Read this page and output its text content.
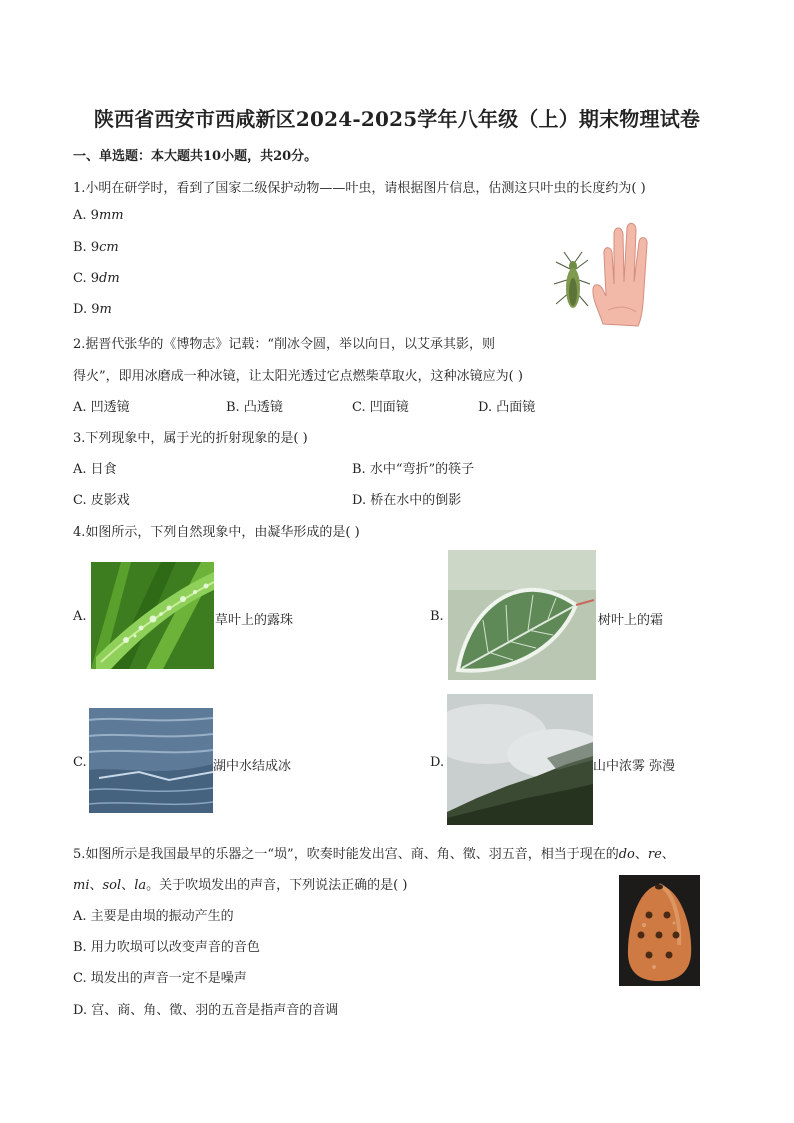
陕西省西安市西咸新区2024-2025学年八年级（上）期末物理试卷
一、单选题：本大题共10小题，共20分。
1.小明在研学时，看到了国家二级保护动物——叶虫，请根据图片信息，估测这只叶虫的长度约为( )
A. 9mm
B. 9cm
C. 9dm
D. 9m
2.据晋代张华的《博物志》记载：“削冰令圆，举以向日，以艾承其影，则
得火”，即用冰磨成一种冰镜，让太阳光透过它点燃柴草取火，这种冰镜应为( )
A. 凹透镜	B. 凸透镜	C. 凹面镜	D. 凸面镜
3.下列现象中，属于光的折射现象的是( )
A. 日食	B. 水中“弯折”的筷子
C. 皮影戏	D. 桥在水中的倒影
4.如图所示，下列自然现象中，由凝华形成的是( )
A.	草叶上的露珠	B.	树叶上的霜
C.	湖中水结成冰	D.	山中浓雾 弥漫
5.如图所示是我国最早的乐器之一“埙”，吹奏时能发出宫、商、角、徵、羽五音，相当于现在的do、re、
mi、sol、la。关于吹埙发出的声音，下列说法正确的是( )
A. 主要是由埙的振动产生的
B. 用力吹埙可以改变声音的音色
C. 埙发出的声音一定不是噪声
D. 宫、商、角、徵、羽的五音是指声音的音调
